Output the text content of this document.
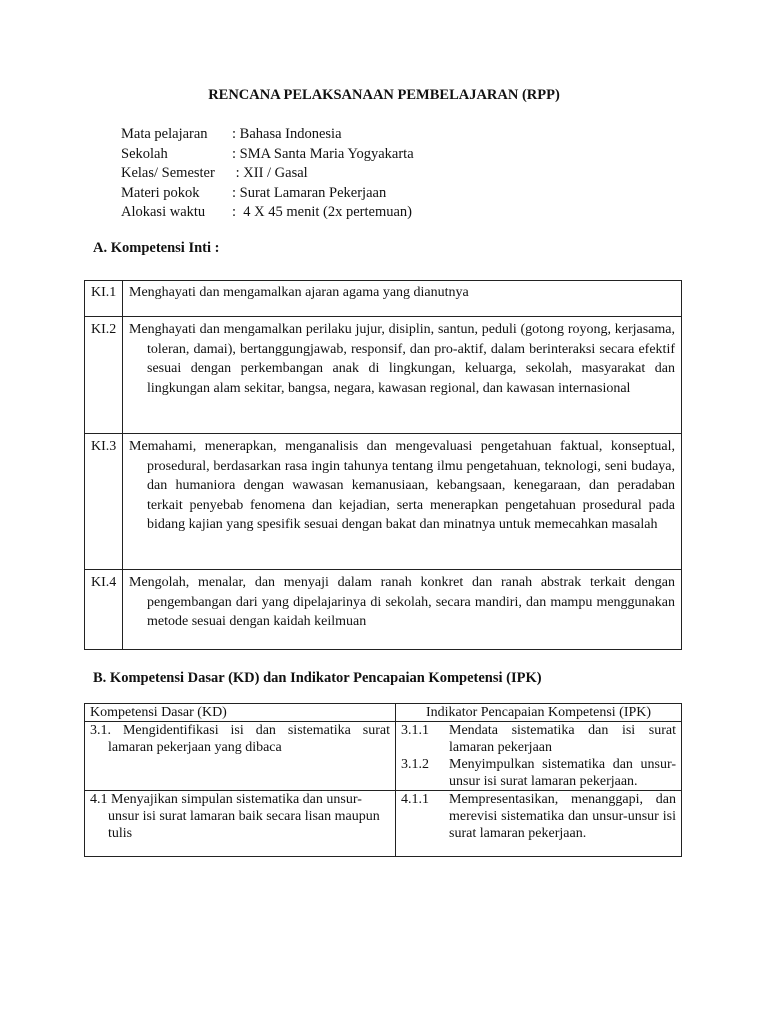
RENCANA PELAKSANAAN PEMBELAJARAN (RPP)
Mata pelajaran : Bahasa Indonesia
Sekolah	: SMA Santa Maria Yogyakarta
Kelas/ Semester : XII / Gasal
Materi pokok : Surat Lamaran Pekerjaan
Alokasi waktu :  4 X 45 menit (2x pertemuan)
A. Kompetensi Inti :
KI.1	Menghayati dan mengamalkan ajaran agama yang dianutnya
KI.2	Menghayati dan mengamalkan perilaku jujur, disiplin, santun, peduli (gotong royong, kerjasama, toleran, damai), bertanggungjawab, responsif, dan pro-aktif, dalam berinteraksi secara efektif sesuai dengan perkembangan anak di lingkungan, keluarga, sekolah, masyarakat dan lingkungan alam sekitar, bangsa, negara, kawasan regional, dan kawasan internasional

KI.3	Memahami, menerapkan, menganalisis dan mengevaluasi pengetahuan faktual, konseptual, prosedural, berdasarkan rasa ingin tahunya tentang ilmu pengetahuan, teknologi, seni budaya, dan humaniora dengan wawasan kemanusiaan, kebangsaan, kenegaraan, dan peradaban terkait penyebab fenomena dan kejadian, serta menerapkan pengetahuan prosedural pada bidang kajian yang spesifik sesuai dengan bakat dan minatnya untuk memecahkan masalah

KI.4	Mengolah, menalar, dan menyaji dalam ranah konkret dan ranah abstrak terkait dengan pengembangan dari yang dipelajarinya di sekolah, secara mandiri, dan mampu menggunakan metode sesuai dengan kaidah keilmuan
B. Kompetensi Dasar (KD) dan Indikator Pencapaian Kompetensi (IPK)
Kompetensi Dasar (KD)	Indikator Pencapaian Kompetensi (IPK)

3.1. Mengidentifikasi isi dan sistematika surat lamaran pekerjaan yang dibaca	3.1.1 Mendata sistematika dan isi surat lamaran pekerjaan
3.1.2 Menyimpulkan sistematika dan unsur-unsur isi surat lamaran pekerjaan.

4.1 Menyajikan simpulan sistematika dan unsur-unsur isi surat lamaran baik secara lisan maupun tulis	4.1.1 Mempresentasikan, menanggapi, dan merevisi sistematika dan unsur-unsur isi surat lamaran pekerjaan.
